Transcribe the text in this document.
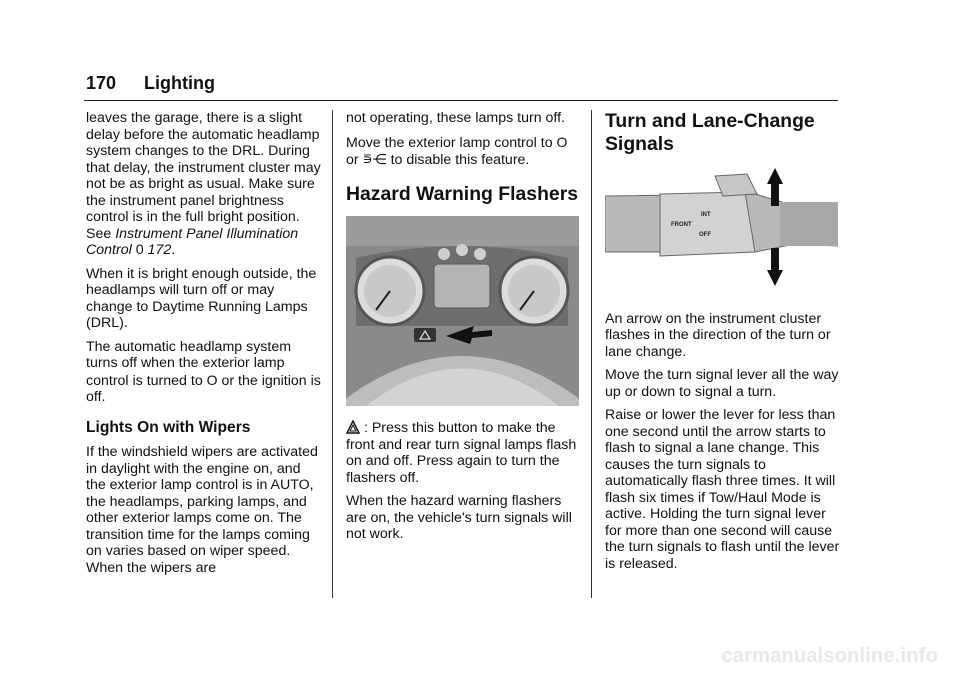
170 Lighting

leaves the garage, there is a slight delay before the automatic headlamp system changes to the DRL. During that delay, the instrument cluster may not be as bright as usual. Make sure the instrument panel brightness control is in the full bright position. See Instrument Panel Illumination Control 0 172.

When it is bright enough outside, the headlamps will turn off or may change to Daytime Running Lamps (DRL).

The automatic headlamp system turns off when the exterior lamp control is turned to O or the ignition is off.

Lights On with Wipers

If the windshield wipers are activated in daylight with the engine on, and the exterior lamp control is in AUTO, the headlamps, parking lamps, and other exterior lamps come on. The transition time for the lamps coming on varies based on wiper speed. When the wipers are

not operating, these lamps turn off.

Move the exterior lamp control to O
or ⋾⋲ to disable this feature.

Hazard Warning Flashers

: Press this button to make the front and rear turn signal lamps flash on and off. Press again to turn the flashers off.

When the hazard warning flashers are on, the vehicle's turn signals will not work.

Turn and Lane-Change Signals
FRONT
INT
OFF

An arrow on the instrument cluster flashes in the direction of the turn or lane change.

Move the turn signal lever all the way up or down to signal a turn.

Raise or lower the lever for less than one second until the arrow starts to flash to signal a lane change. This causes the turn signals to automatically flash three times. It will flash six times if Tow/Haul Mode is active. Holding the turn signal lever for more than one second will cause the turn signals to flash until the lever is released.

carmanualsonline.info
